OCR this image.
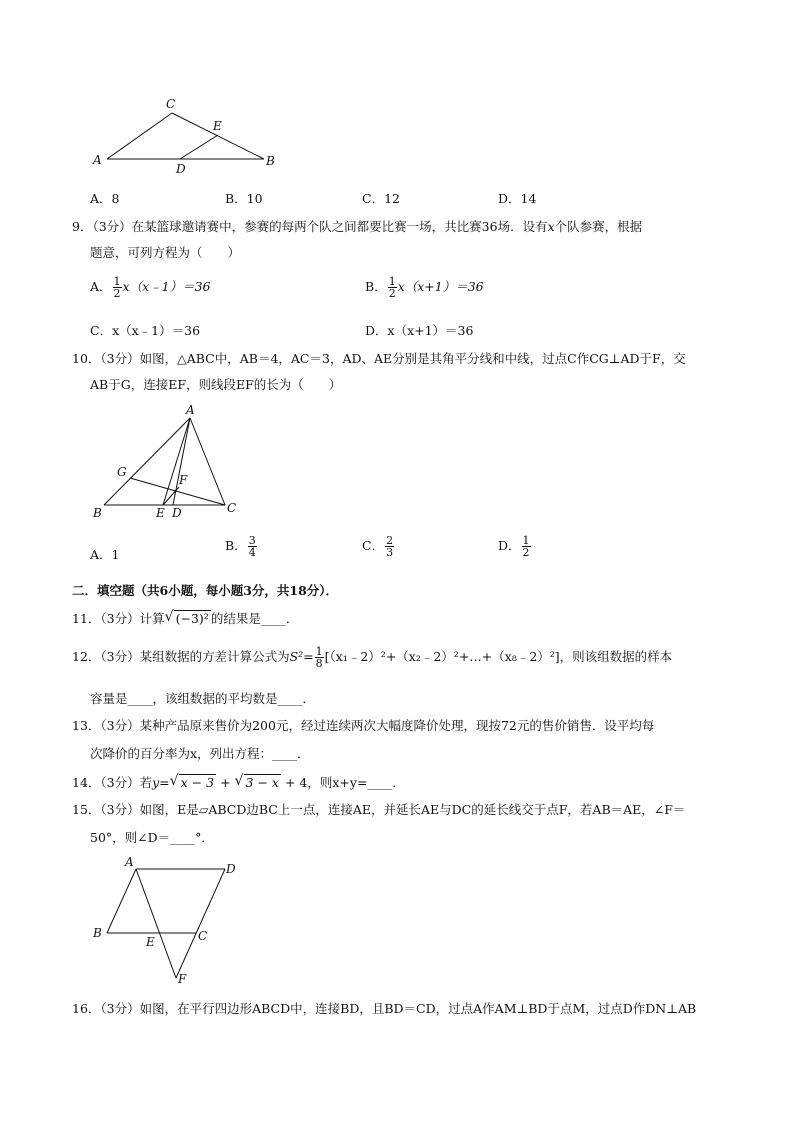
C
E
A	B
D
A．8	B．10	C．12	D．14
9．（3分）在某篮球邀请赛中，参赛的每两个队之间都要比赛一场，共比赛36场．设有x个队参赛，根据
题意，可列方程为（　　）
A． $\frac{1}{2}$ x（x﹣1）＝36	B． $\frac{1}{2} x(x+1)=36$
C．x（x﹣1）＝36	D．x（x+1）＝36
10．（3分）如图，△ABC中，AB＝4，AC＝3，AD、AE分别是其角平分线和中线，过点C作CG⊥AD于F，交
AB于G，连接EF，则线段EF的长为（　　）
A
G
F
B	E D	C
A．1
B． $\frac{3}{4}$	C． $\frac{2}{3}$	D． $\frac{1}{2}$
二．填空题（共6小题，每小题3分，共18分）．
11．（3分）计算 √ (−3)² 的结果是____．
12．（3分）某组数据的方差计算公式为$S^2= \frac{1}{8}$ [（x₁﹣2）²+（x₂﹣2）²+…+（x₈﹣2）²]，则该组数据的样本
容量是____，该组数据的平均数是____．
13．（3分）某种产品原来售价为200元，经过连续两次大幅度降价处理，现按72元的售价销售．设平均每
次降价的百分率为x，列出方程：____．
14．（3分）若y= √ x − 3 + √ 3 − x + 4，则x+y=____．
15．（3分）如图，E是▱ABCD边BC上一点，连接AE，并延长AE与DC的延长线交于点F，若AB＝AE，∠F＝
50°，则∠D＝____°．
A	D
B
E	C
F
16．（3分）如图，在平行四边形ABCD中，连接BD，且BD＝CD，过点A作AM⊥BD于点M，过点D作DN⊥AB
